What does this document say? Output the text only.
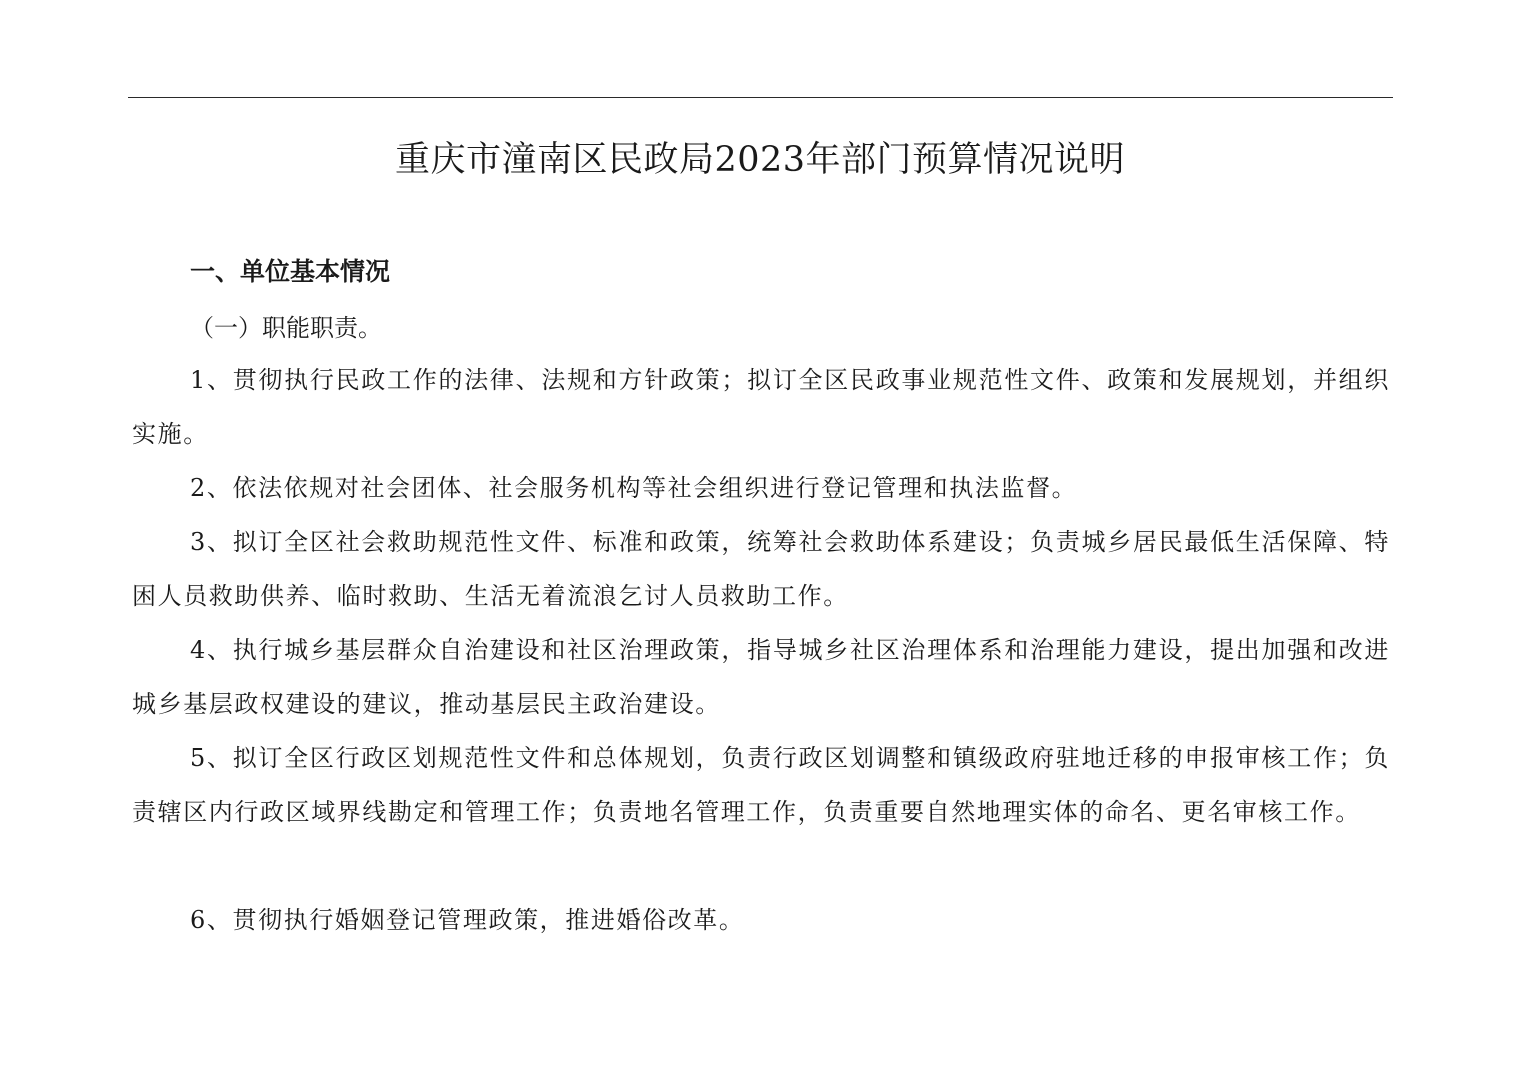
重庆市潼南区民政局2023年部门预算情况说明
一、单位基本情况

（一）职能职责。

1、贯彻执行民政工作的法律、法规和方针政策；拟订全区民政事业规范性文件、政策和发展规划，并组织实施。

2、依法依规对社会团体、社会服务机构等社会组织进行登记管理和执法监督。

3、拟订全区社会救助规范性文件、标准和政策，统筹社会救助体系建设；负责城乡居民最低生活保障、特困人员救助供养、临时救助、生活无着流浪乞讨人员救助工作。

4、执行城乡基层群众自治建设和社区治理政策，指导城乡社区治理体系和治理能力建设，提出加强和改进城乡基层政权建设的建议，推动基层民主政治建设。

5、拟订全区行政区划规范性文件和总体规划，负责行政区划调整和镇级政府驻地迁移的申报审核工作；负责辖区内行政区域界线勘定和管理工作；负责地名管理工作，负责重要自然地理实体的命名、更名审核工作。

6、贯彻执行婚姻登记管理政策，推进婚俗改革。
